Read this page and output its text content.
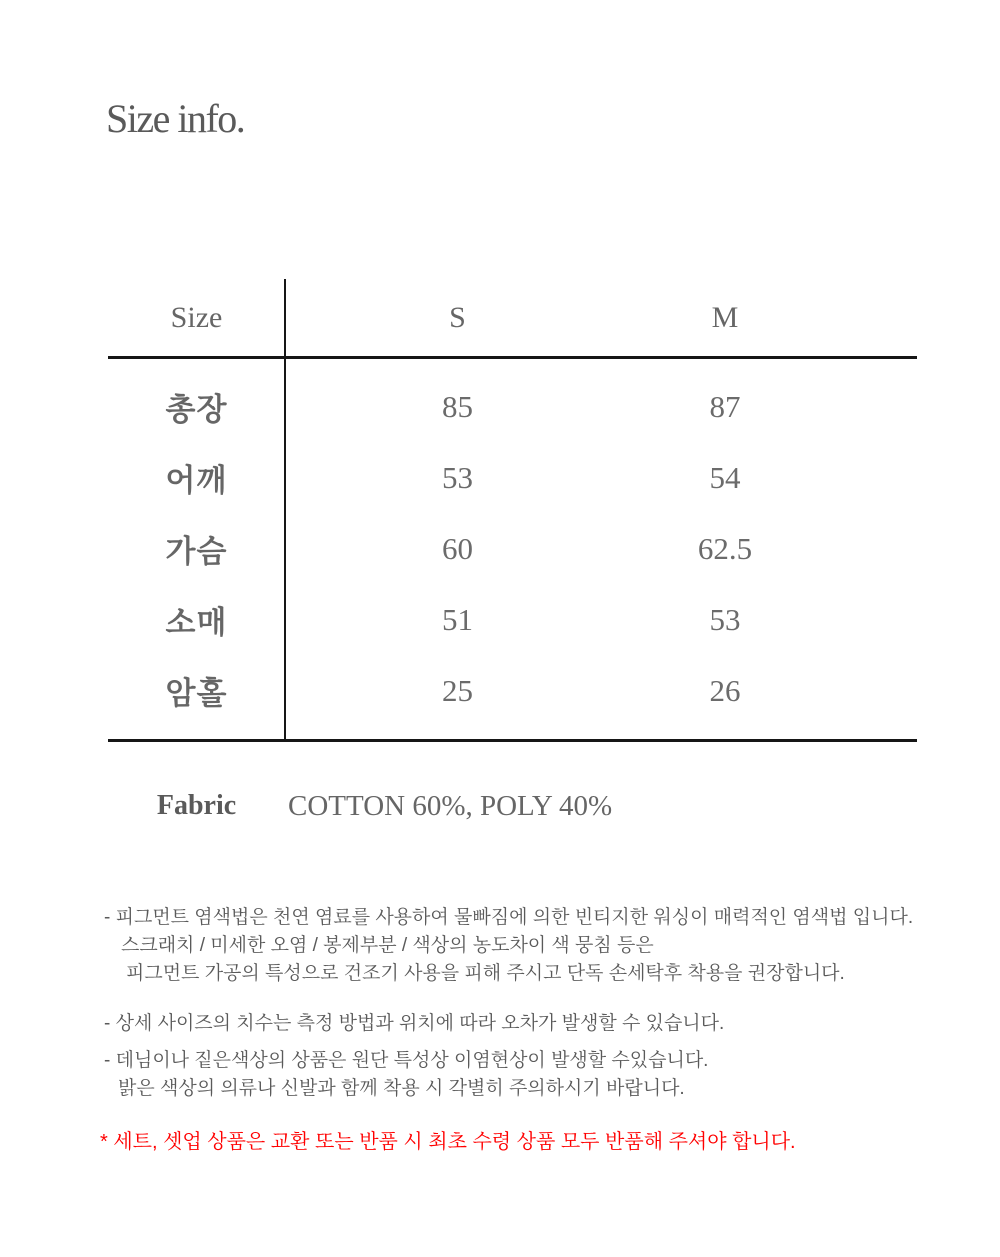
Size info.
Size	S	M
총장	85	87
어깨	53	54
가슴	60	62.5
소매	51	53
암홀	25	26
Fabric	COTTON 60%, POLY 40%

- 피그먼트 염색법은 천연 염료를 사용하여 물빠짐에 의한 빈티지한 워싱이 매력적인 염색법 입니다.
스크래치 / 미세한 오염 / 봉제부분 / 색상의 농도차이 색 뭉침 등은
피그먼트 가공의 특성으로 건조기 사용을 피해 주시고 단독 손세탁후 착용을 권장합니다.

- 상세 사이즈의 치수는 측정 방법과 위치에 따라 오차가 발생할 수 있습니다.

- 데님이나 짙은색상의 상품은 원단 특성상 이염현상이 발생할 수있습니다.
밝은 색상의 의류나 신발과 함께 착용 시 각별히 주의하시기 바랍니다.

* 세트, 셋업 상품은 교환 또는 반품 시 최초 수령 상품 모두 반품해 주셔야 합니다.
